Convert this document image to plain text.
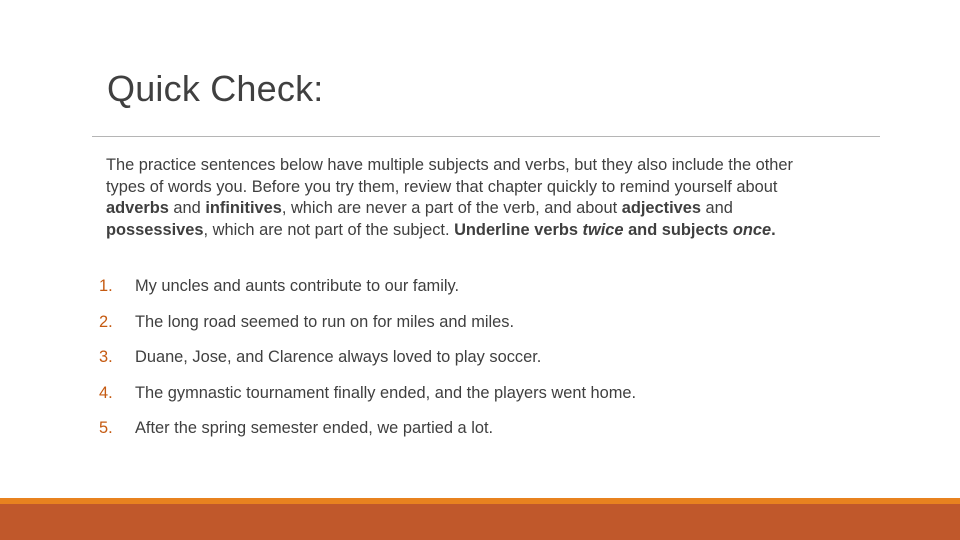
Quick Check:
The practice sentences below have multiple subjects and verbs, but they also include the other types of words you. Before you try them, review that chapter quickly to remind yourself about adverbs and infinitives, which are never a part of the verb, and about adjectives and possessives, which are not part of the subject. Underline verbs twice and subjects once.
1.	My uncles and aunts contribute to our family.
2.	The long road seemed to run on for miles and miles.
3.	Duane, Jose, and Clarence always loved to play soccer.
4.	The gymnastic tournament finally ended, and the players went home.
5.	After the spring semester ended, we partied a lot.
